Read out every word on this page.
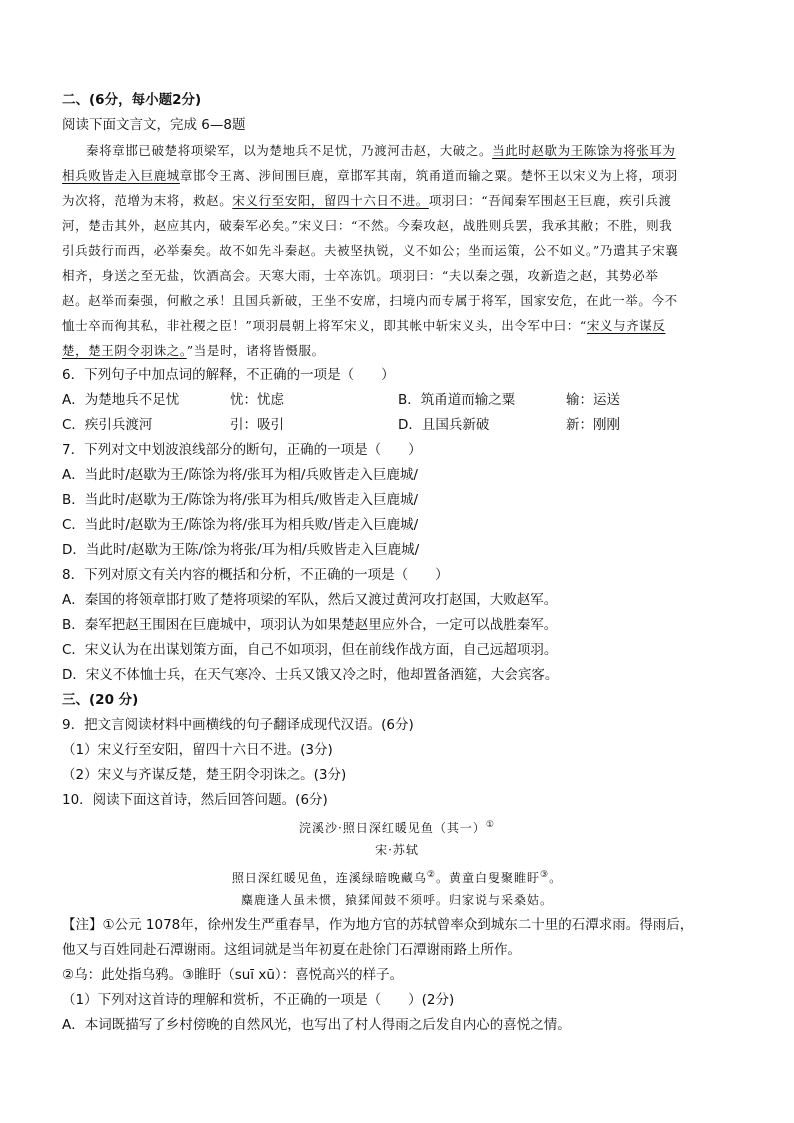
二、(6分，每小题2分)
阅读下面文言文，完成 6—8题
秦将章邯已破楚将项梁军，以为楚地兵不足忧，乃渡河击赵，大破之。当此时赵歇为王陈馀为将张耳为
相兵败皆走入巨鹿城章邯令王离、涉间围巨鹿，章邯军其南，筑甬道而输之粟。楚怀王以宋义为上将，项羽
为次将，范增为末将，救赵。宋义行至安阳，留四十六日不进。项羽曰：“吾闻秦军围赵王巨鹿，疾引兵渡
河，楚击其外，赵应其内，破秦军必矣。”宋义曰：“不然。今秦攻赵，战胜则兵罢，我承其敝；不胜，则我
引兵鼓行而西，必举秦矣。故不如先斗秦赵。夫被坚执锐，义不如公；坐而运策，公不如义。”乃遣其子宋襄
相齐，身送之至无盐，饮酒高会。天寒大雨，士卒冻饥。项羽曰：“夫以秦之强，攻新造之赵，其势必举
赵。赵举而秦强，何敝之承！且国兵新破，王坐不安席，扫境内而专属于将军，国家安危，在此一举。今不
恤士卒而徇其私，非社稷之臣！”项羽晨朝上将军宋义，即其帐中斩宋义头，出令军中曰：“宋义与齐谋反
楚，楚王阴令羽诛之。”当是时，诸将皆慑服。
6．下列句子中加点词的解释，不正确的一项是（　　）
A．为楚地兵不足忧	忧：忧虑	B．筑甬道而输之粟	输：运送
C．疾引兵渡河	引：吸引	D．且国兵新破	新：刚刚
7．下列对文中划波浪线部分的断句，正确的一项是（　　）
A．当此时/赵歇为王/陈馀为将/张耳为相/兵败皆走入巨鹿城/
B．当此时/赵歇为王/陈馀为将/张耳为相兵/败皆走入巨鹿城/
C．当此时/赵歇为王/陈馀为将/张耳为相兵败/皆走入巨鹿城/
D．当此时/赵歇为王陈/馀为将张/耳为相/兵败皆走入巨鹿城/
8．下列对原文有关内容的概括和分析，不正确的一项是（　　）
A．秦国的将领章邯打败了楚将项梁的军队，然后又渡过黄河攻打赵国，大败赵军。
B．秦军把赵王围困在巨鹿城中，项羽认为如果楚赵里应外合，一定可以战胜秦军。
C．宋义认为在出谋划策方面，自己不如项羽，但在前线作战方面，自己远超项羽。
D．宋义不体恤士兵，在天气寒冷、士兵又饿又冷之时，他却置备酒筵，大会宾客。
三、(20 分)
9．把文言阅读材料中画横线的句子翻译成现代汉语。(6分)
（1）宋义行至安阳，留四十六日不进。(3分)
（2）宋义与齐谋反楚，楚王阴令羽诛之。(3分)
10．阅读下面这首诗，然后回答问题。(6分)
浣溪沙·照日深红暖见鱼（其一）①
宋·苏轼
照日深红暖见鱼，连溪绿暗晚藏乌②。黄童白叟聚睢盱③。
麋鹿逢人虽未惯，猿猱闻鼓不须呼。归家说与采桑姑。
【注】①公元 1078年，徐州发生严重春旱，作为地方官的苏轼曾率众到城东二十里的石潭求雨。得雨后，
他又与百姓同赴石潭谢雨。这组词就是当年初夏在赴徐门石潭谢雨路上所作。
②乌：此处指乌鸦。③睢盱（suī xū）：喜悦高兴的样子。
（1）下列对这首诗的理解和赏析，不正确的一项是（　　）(2分)
A．本词既描写了乡村傍晚的自然风光，也写出了村人得雨之后发自内心的喜悦之情。
